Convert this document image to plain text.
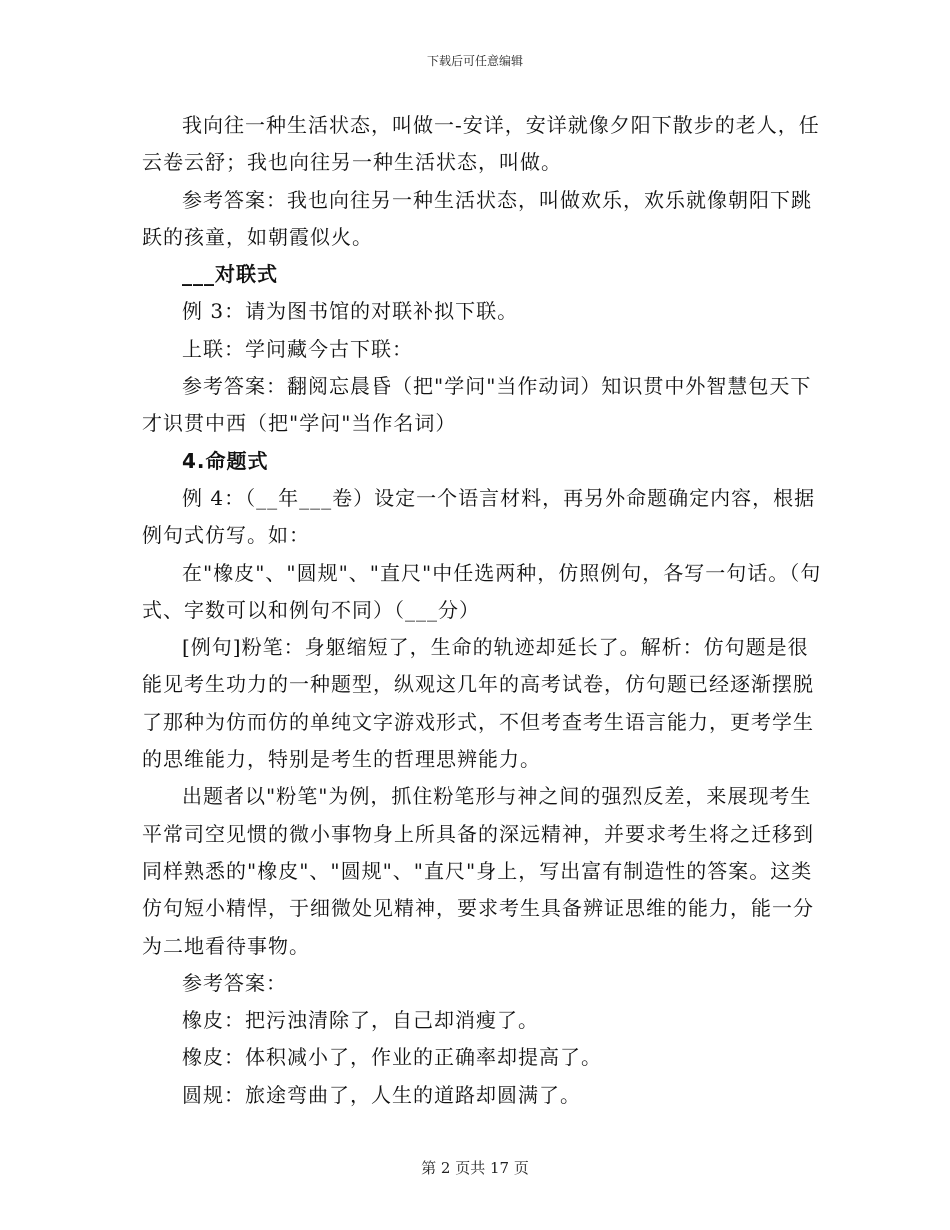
下载后可任意编辑

我向往一种生活状态，叫做一-安详，安详就像夕阳下散步的老人，任云卷云舒；我也向往另一种生活状态，叫做。

参考答案：我也向往另一种生活状态，叫做欢乐，欢乐就像朝阳下跳跃的孩童，如朝霞似火。

___对联式

例 3：请为图书馆的对联补拟下联。

上联：学问藏今古下联：

参考答案：翻阅忘晨昏（把"学问"当作动词）知识贯中外智慧包天下才识贯中西（把"学问"当作名词）

4.命题式

例 4：（__年___卷）设定一个语言材料，再另外命题确定内容，根据例句式仿写。如：

在"橡皮"、"圆规"、"直尺"中任选两种，仿照例句，各写一句话。（句式、字数可以和例句不同）（___分）

[例句]粉笔：身躯缩短了，生命的轨迹却延长了。解析：仿句题是很能见考生功力的一种题型，纵观这几年的高考试卷，仿句题已经逐渐摆脱了那种为仿而仿的单纯文字游戏形式，不但考查考生语言能力，更考学生的思维能力，特别是考生的哲理思辨能力。

出题者以"粉笔"为例，抓住粉笔形与神之间的强烈反差，来展现考生平常司空见惯的微小事物身上所具备的深远精神，并要求考生将之迁移到同样熟悉的"橡皮"、"圆规"、"直尺"身上，写出富有制造性的答案。这类仿句短小精悍，于细微处见精神，要求考生具备辨证思维的能力，能一分为二地看待事物。

参考答案：

橡皮：把污浊清除了，自己却消瘦了。

橡皮：体积减小了，作业的正确率却提高了。

圆规：旅途弯曲了，人生的道路却圆满了。

第 2 页共 17 页
